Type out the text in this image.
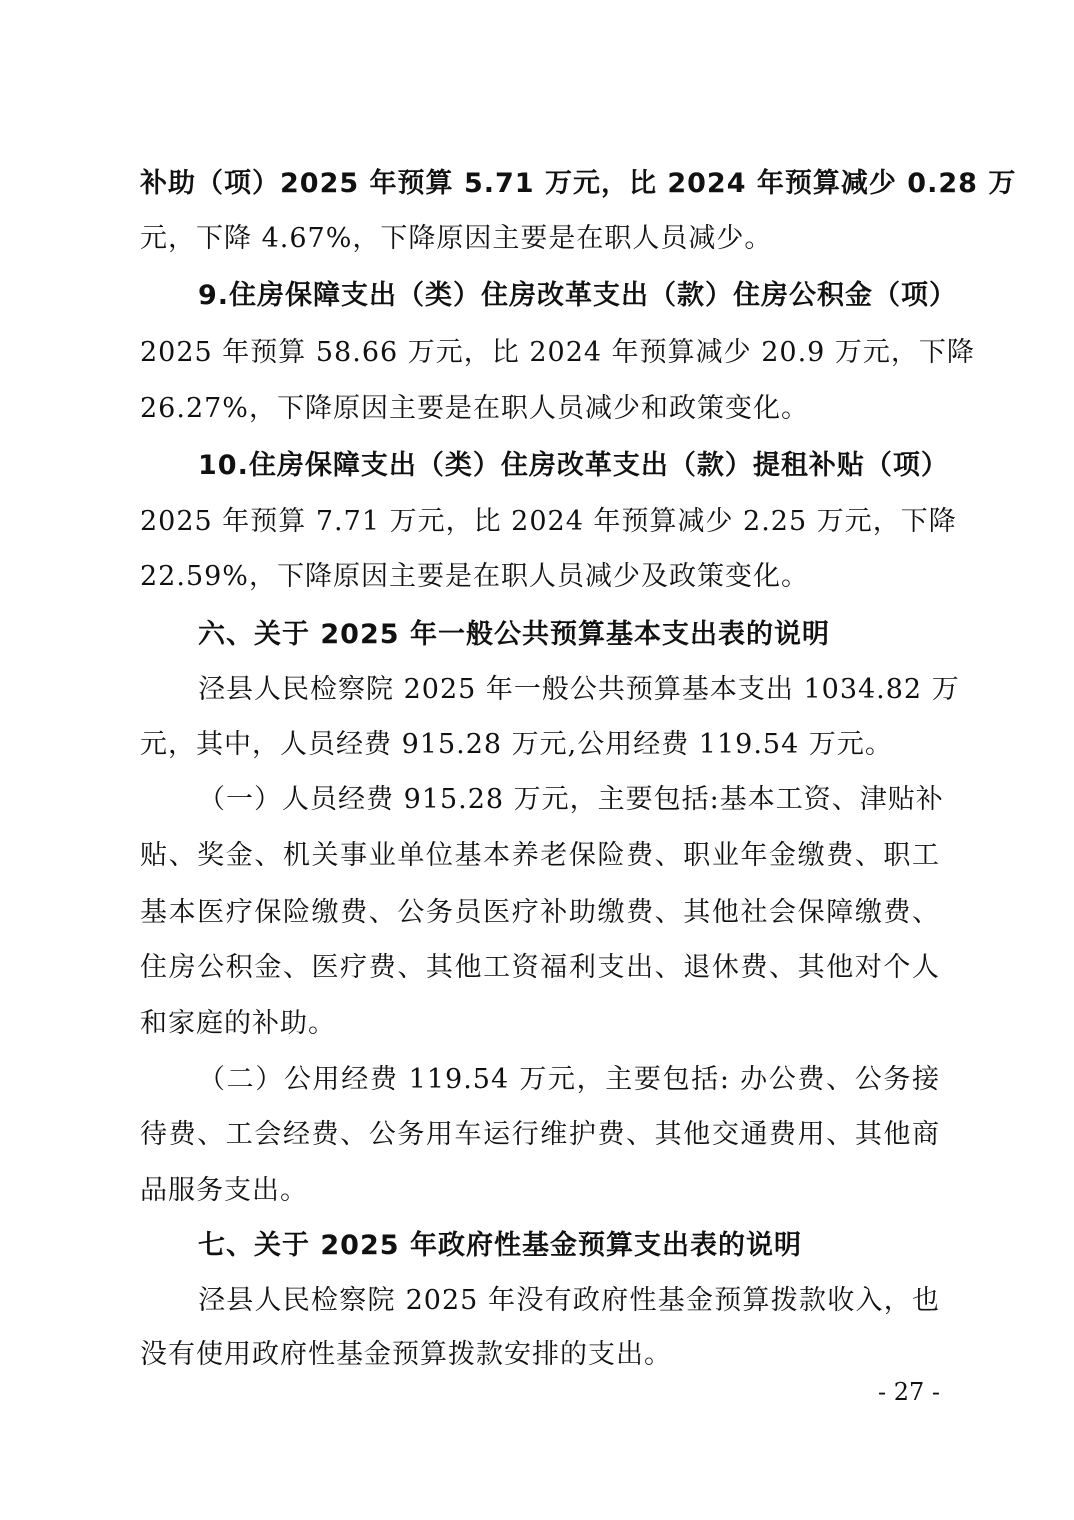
补助（项）2025 年预算 5.71 万元，比 2024 年预算减少 0.28 万
元，下降 4.67%，下降原因主要是在职人员减少。
9.住房保障支出（类）住房改革支出（款）住房公积金（项）
2025 年预算 58.66 万元，比 2024 年预算减少 20.9 万元，下降
26.27%，下降原因主要是在职人员减少和政策变化。
10.住房保障支出（类）住房改革支出（款）提租补贴（项）
2025 年预算 7.71 万元，比 2024 年预算减少 2.25 万元，下降
22.59%，下降原因主要是在职人员减少及政策变化。
六、关于 2025 年一般公共预算基本支出表的说明
泾县人民检察院 2025 年一般公共预算基本支出 1034.82 万
元，其中，人员经费 915.28 万元,公用经费 119.54 万元。
（一）人员经费 915.28 万元，主要包括:基本工资、津贴补
贴、奖金、机关事业单位基本养老保险费、职业年金缴费、职工
基本医疗保险缴费、公务员医疗补助缴费、其他社会保障缴费、
住房公积金、医疗费、其他工资福利支出、退休费、其他对个人
和家庭的补助。
（二）公用经费 119.54 万元，主要包括: 办公费、公务接
待费、工会经费、公务用车运行维护费、其他交通费用、其他商
品服务支出。
七、关于 2025 年政府性基金预算支出表的说明
泾县人民检察院 2025 年没有政府性基金预算拨款收入，也
没有使用政府性基金预算拨款安排的支出。
- 27 -
